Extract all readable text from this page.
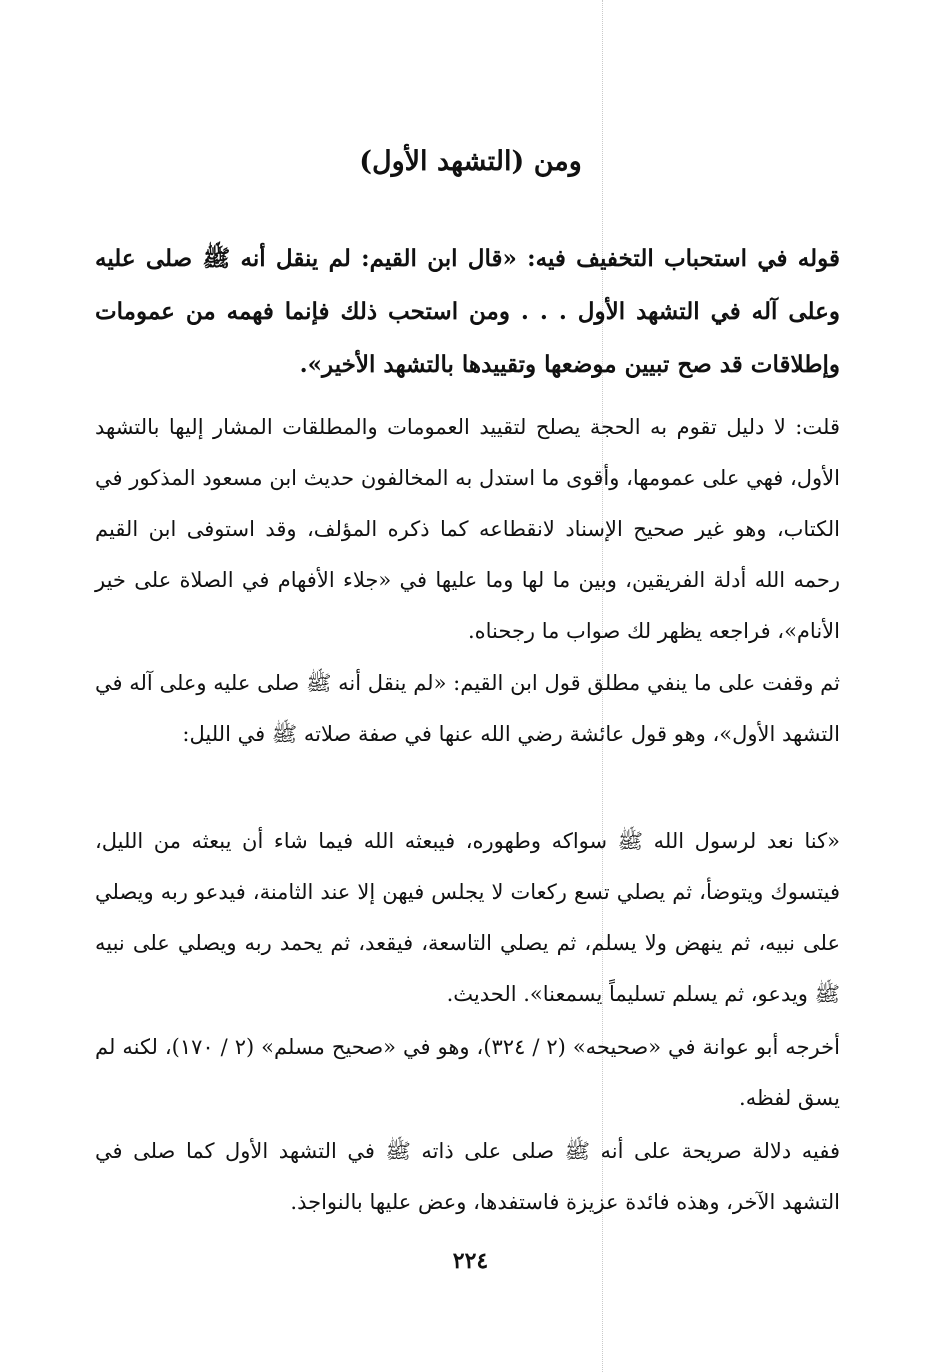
ومن (التشهد الأول)

قوله في استحباب التخفيف فيه: «قال ابن القيم: لم ينقل أنه ﷺ صلى عليه وعلى آله في التشهد الأول . . . ومن استحب ذلك فإنما فهمه من عمومات وإطلاقات قد صح تبيين موضعها وتقييدها بالتشهد الأخير».

قلت: لا دليل تقوم به الحجة يصلح لتقييد العمومات والمطلقات المشار إليها بالتشهد الأول، فهي على عمومها، وأقوى ما استدل به المخالفون حديث ابن مسعود المذكور في الكتاب، وهو غير صحيح الإسناد لانقطاعه كما ذكره المؤلف، وقد استوفى ابن القيم رحمه الله أدلة الفريقين، وبين ما لها وما عليها في «جلاء الأفهام في الصلاة على خير الأنام»، فراجعه يظهر لك صواب ما رجحناه.

ثم وقفت على ما ينفي مطلق قول ابن القيم: «لم ينقل أنه ﷺ صلى عليه وعلى آله في التشهد الأول»، وهو قول عائشة رضي الله عنها في صفة صلاته ﷺ في الليل:

«كنا نعد لرسول الله ﷺ سواكه وطهوره، فيبعثه الله فيما شاء أن يبعثه من الليل، فيتسوك ويتوضأ، ثم يصلي تسع ركعات لا يجلس فيهن إلا عند الثامنة، فيدعو ربه ويصلي على نبيه، ثم ينهض ولا يسلم، ثم يصلي التاسعة، فيقعد، ثم يحمد ربه ويصلي على نبيه ﷺ ويدعو، ثم يسلم تسليماً يسمعنا». الحديث.

أخرجه أبو عوانة في «صحيحه» (٢ / ٣٢٤)، وهو في «صحيح مسلم» (٢ / ١٧٠)، لكنه لم يسق لفظه.

ففيه دلالة صريحة على أنه ﷺ صلى على ذاته ﷺ في التشهد الأول كما صلى في التشهد الآخر، وهذه فائدة عزيزة فاستفدها، وعض عليها بالنواجذ.

٢٢٤
